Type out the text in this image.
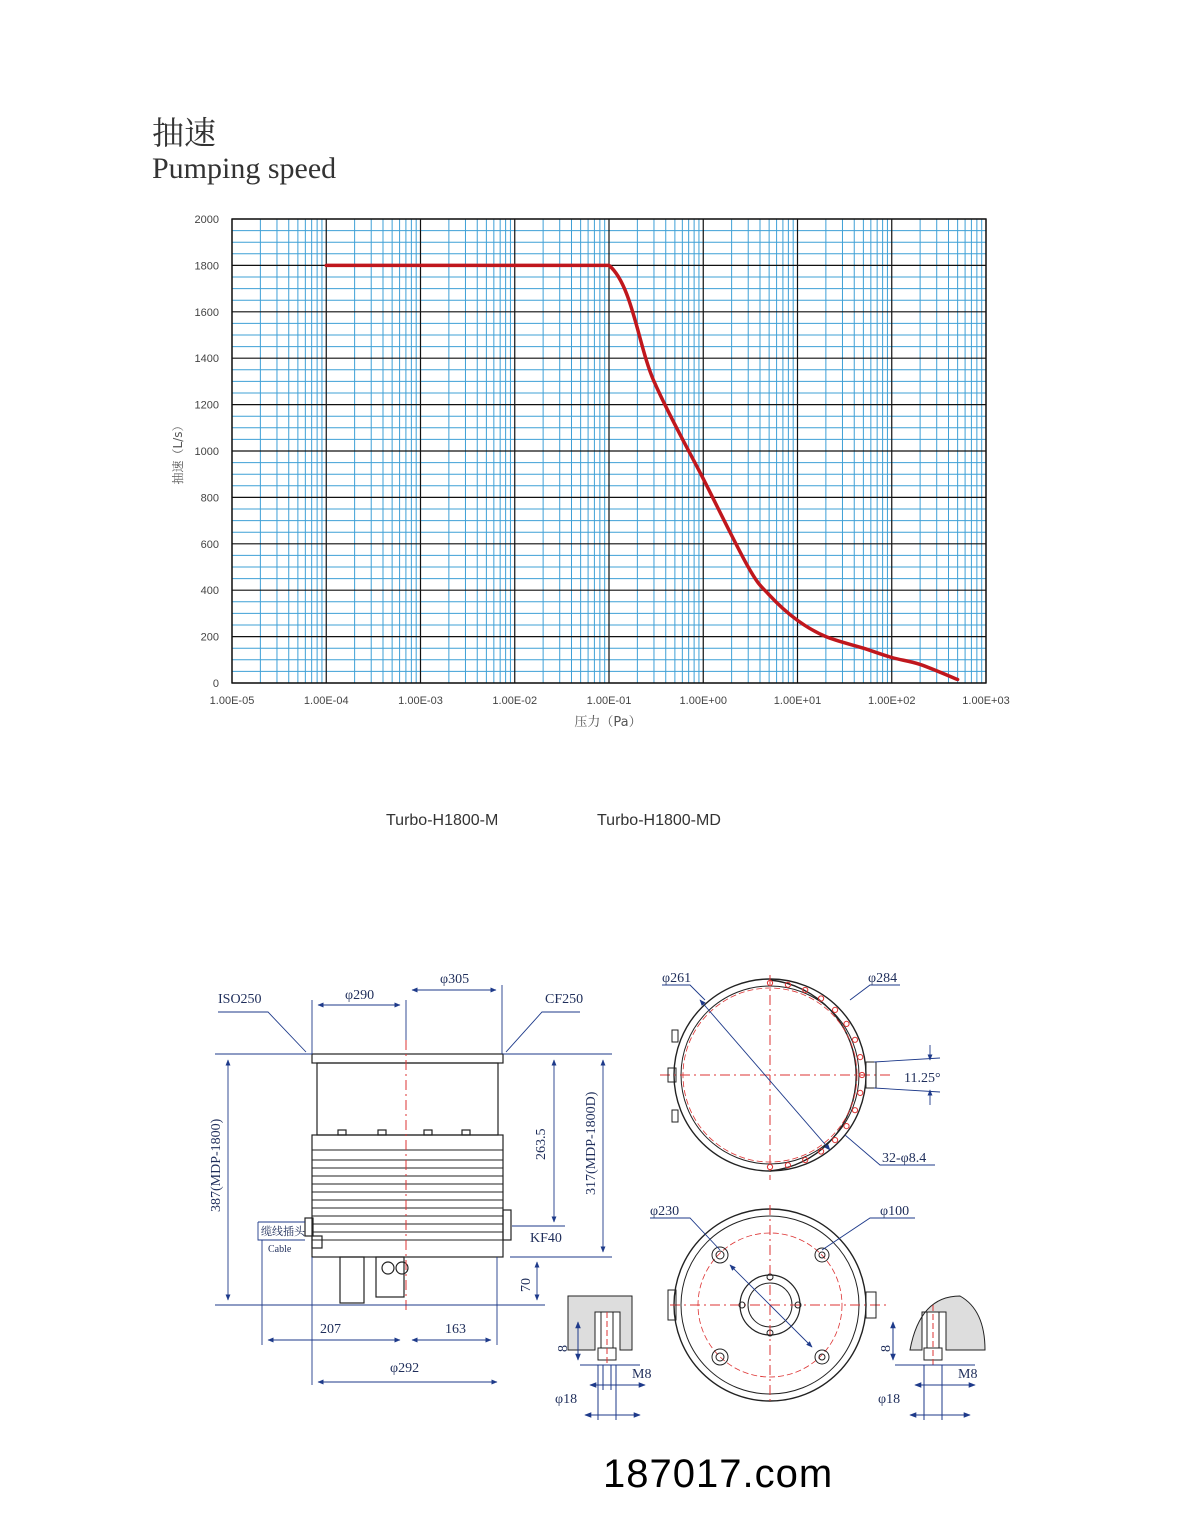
抽速
Pumping speed
1.00E-05	1.00E-04	1.00E-03	1.00E-02	1.00E-01	1.00E+00	1.00E+01	1.00E+02	1.00E+03
0
200
400
600
800
1000
1200
1400
1600
1800
2000
压力（Pa）
抽速（L/s）
Turbo-H1800-M	Turbo-H1800-MD
ISO250	CF250
φ290
φ305
263.5	317(MDP-1800D)
387(MDP-1800)
KF40
缆线插头
Cable
70
207	163
φ292
φ261	φ284
11.25°
32-φ8.4
φ230	φ100
8
M8
φ18
8
M8
φ18
187017.com
